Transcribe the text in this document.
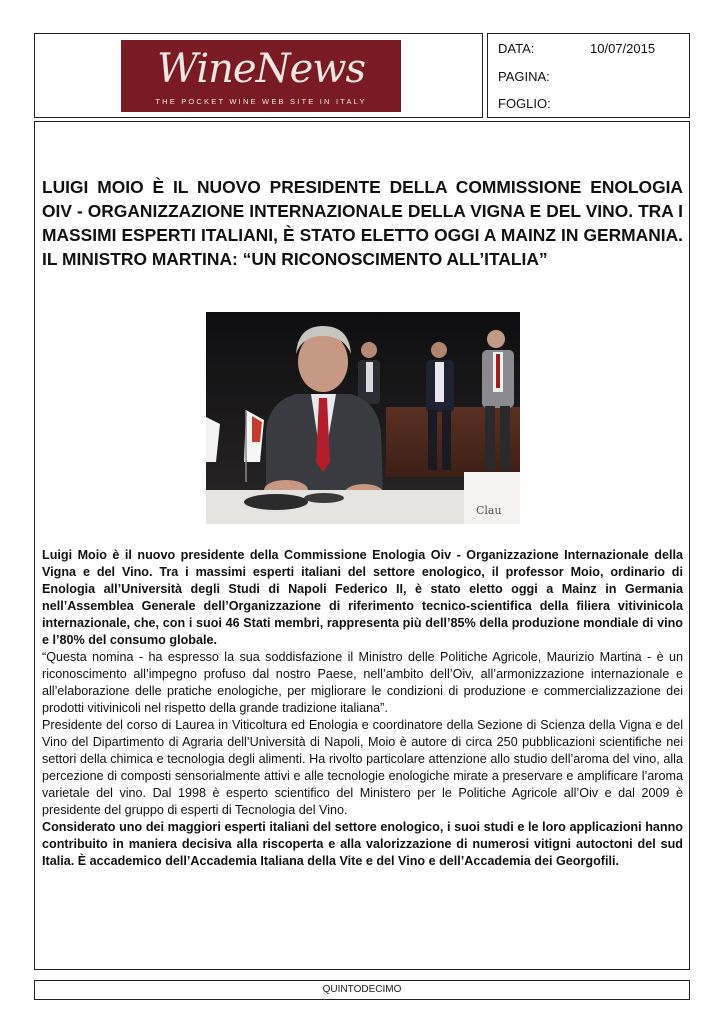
WineNews
THE POCKET WINE WEB SITE IN ITALY
DATA:	10/07/2015
PAGINA:
FOGLIO:
LUIGI MOIO È IL NUOVO PRESIDENTE DELLA COMMISSIONE ENOLOGIA OIV - ORGANIZZAZIONE INTERNAZIONALE DELLA VIGNA E DEL VINO. TRA I MASSIMI ESPERTI ITALIANI, È STATO ELETTO OGGI A MAINZ IN GERMANIA. IL MINISTRO MARTINA: “UN RICONOSCIMENTO ALL’ITALIA”
Clau

Luigi Moio è il nuovo presidente della Commissione Enologia Oiv - Organizzazione Internazionale della Vigna e del Vino. Tra i massimi esperti italiani del settore enologico, il professor Moio, ordinario di Enologia all’Università degli Studi di Napoli Federico II, è stato eletto oggi a Mainz in Germania nell’Assemblea Generale dell’Organizzazione di riferimento tecnico-scientifica della filiera vitivinicola internazionale, che, con i suoi 46 Stati membri, rappresenta più dell’85% della produzione mondiale di vino e l’80% del consumo globale.

“Questa nomina - ha espresso la sua soddisfazione il Ministro delle Politiche Agricole, Maurizio Martina - è un riconoscimento all’impegno profuso dal nostro Paese, nell’ambito dell’Oiv, all’armonizzazione internazionale e all’elaborazione delle pratiche enologiche, per migliorare le condizioni di produzione e commercializzazione dei prodotti vitivinicoli nel rispetto della grande tradizione italiana”.

Presidente del corso di Laurea in Viticoltura ed Enologia e coordinatore della Sezione di Scienza della Vigna e del Vino del Dipartimento di Agraria dell’Università di Napoli, Moio è autore di circa 250 pubblicazioni scientifiche nei settori della chimica e tecnologia degli alimenti. Ha rivolto particolare attenzione allo studio dell’aroma del vino, alla percezione di composti sensorialmente attivi e alle tecnologie enologiche mirate a preservare e amplificare l’aroma varietale del vino. Dal 1998 è esperto scientifico del Ministero per le Politiche Agricole all’Oiv e dal 2009 è presidente del gruppo di esperti di Tecnologia del Vino.

Considerato uno dei maggiori esperti italiani del settore enologico, i suoi studi e le loro applicazioni hanno contribuito in maniera decisiva alla riscoperta e alla valorizzazione di numerosi vitigni autoctoni del sud Italia. È accademico dell’Accademia Italiana della Vite e del Vino e dell’Accademia dei Georgofili.

QUINTODECIMO
